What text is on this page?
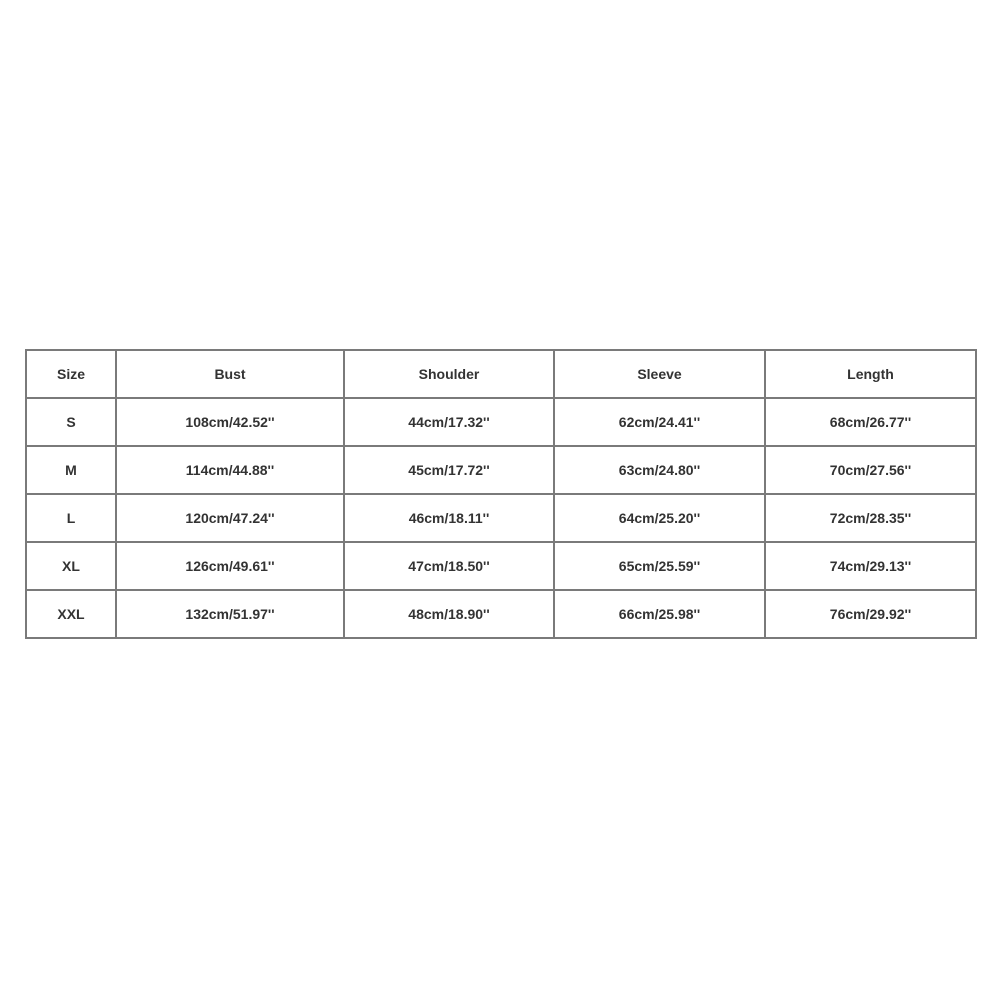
Size	Bust	Shoulder	Sleeve	Length
S	108cm/42.52''	44cm/17.32''	62cm/24.41''	68cm/26.77''
M	114cm/44.88''	45cm/17.72''	63cm/24.80''	70cm/27.56''
L	120cm/47.24''	46cm/18.11''	64cm/25.20''	72cm/28.35''
XL	126cm/49.61''	47cm/18.50''	65cm/25.59''	74cm/29.13''
XXL	132cm/51.97''	48cm/18.90''	66cm/25.98''	76cm/29.92''
